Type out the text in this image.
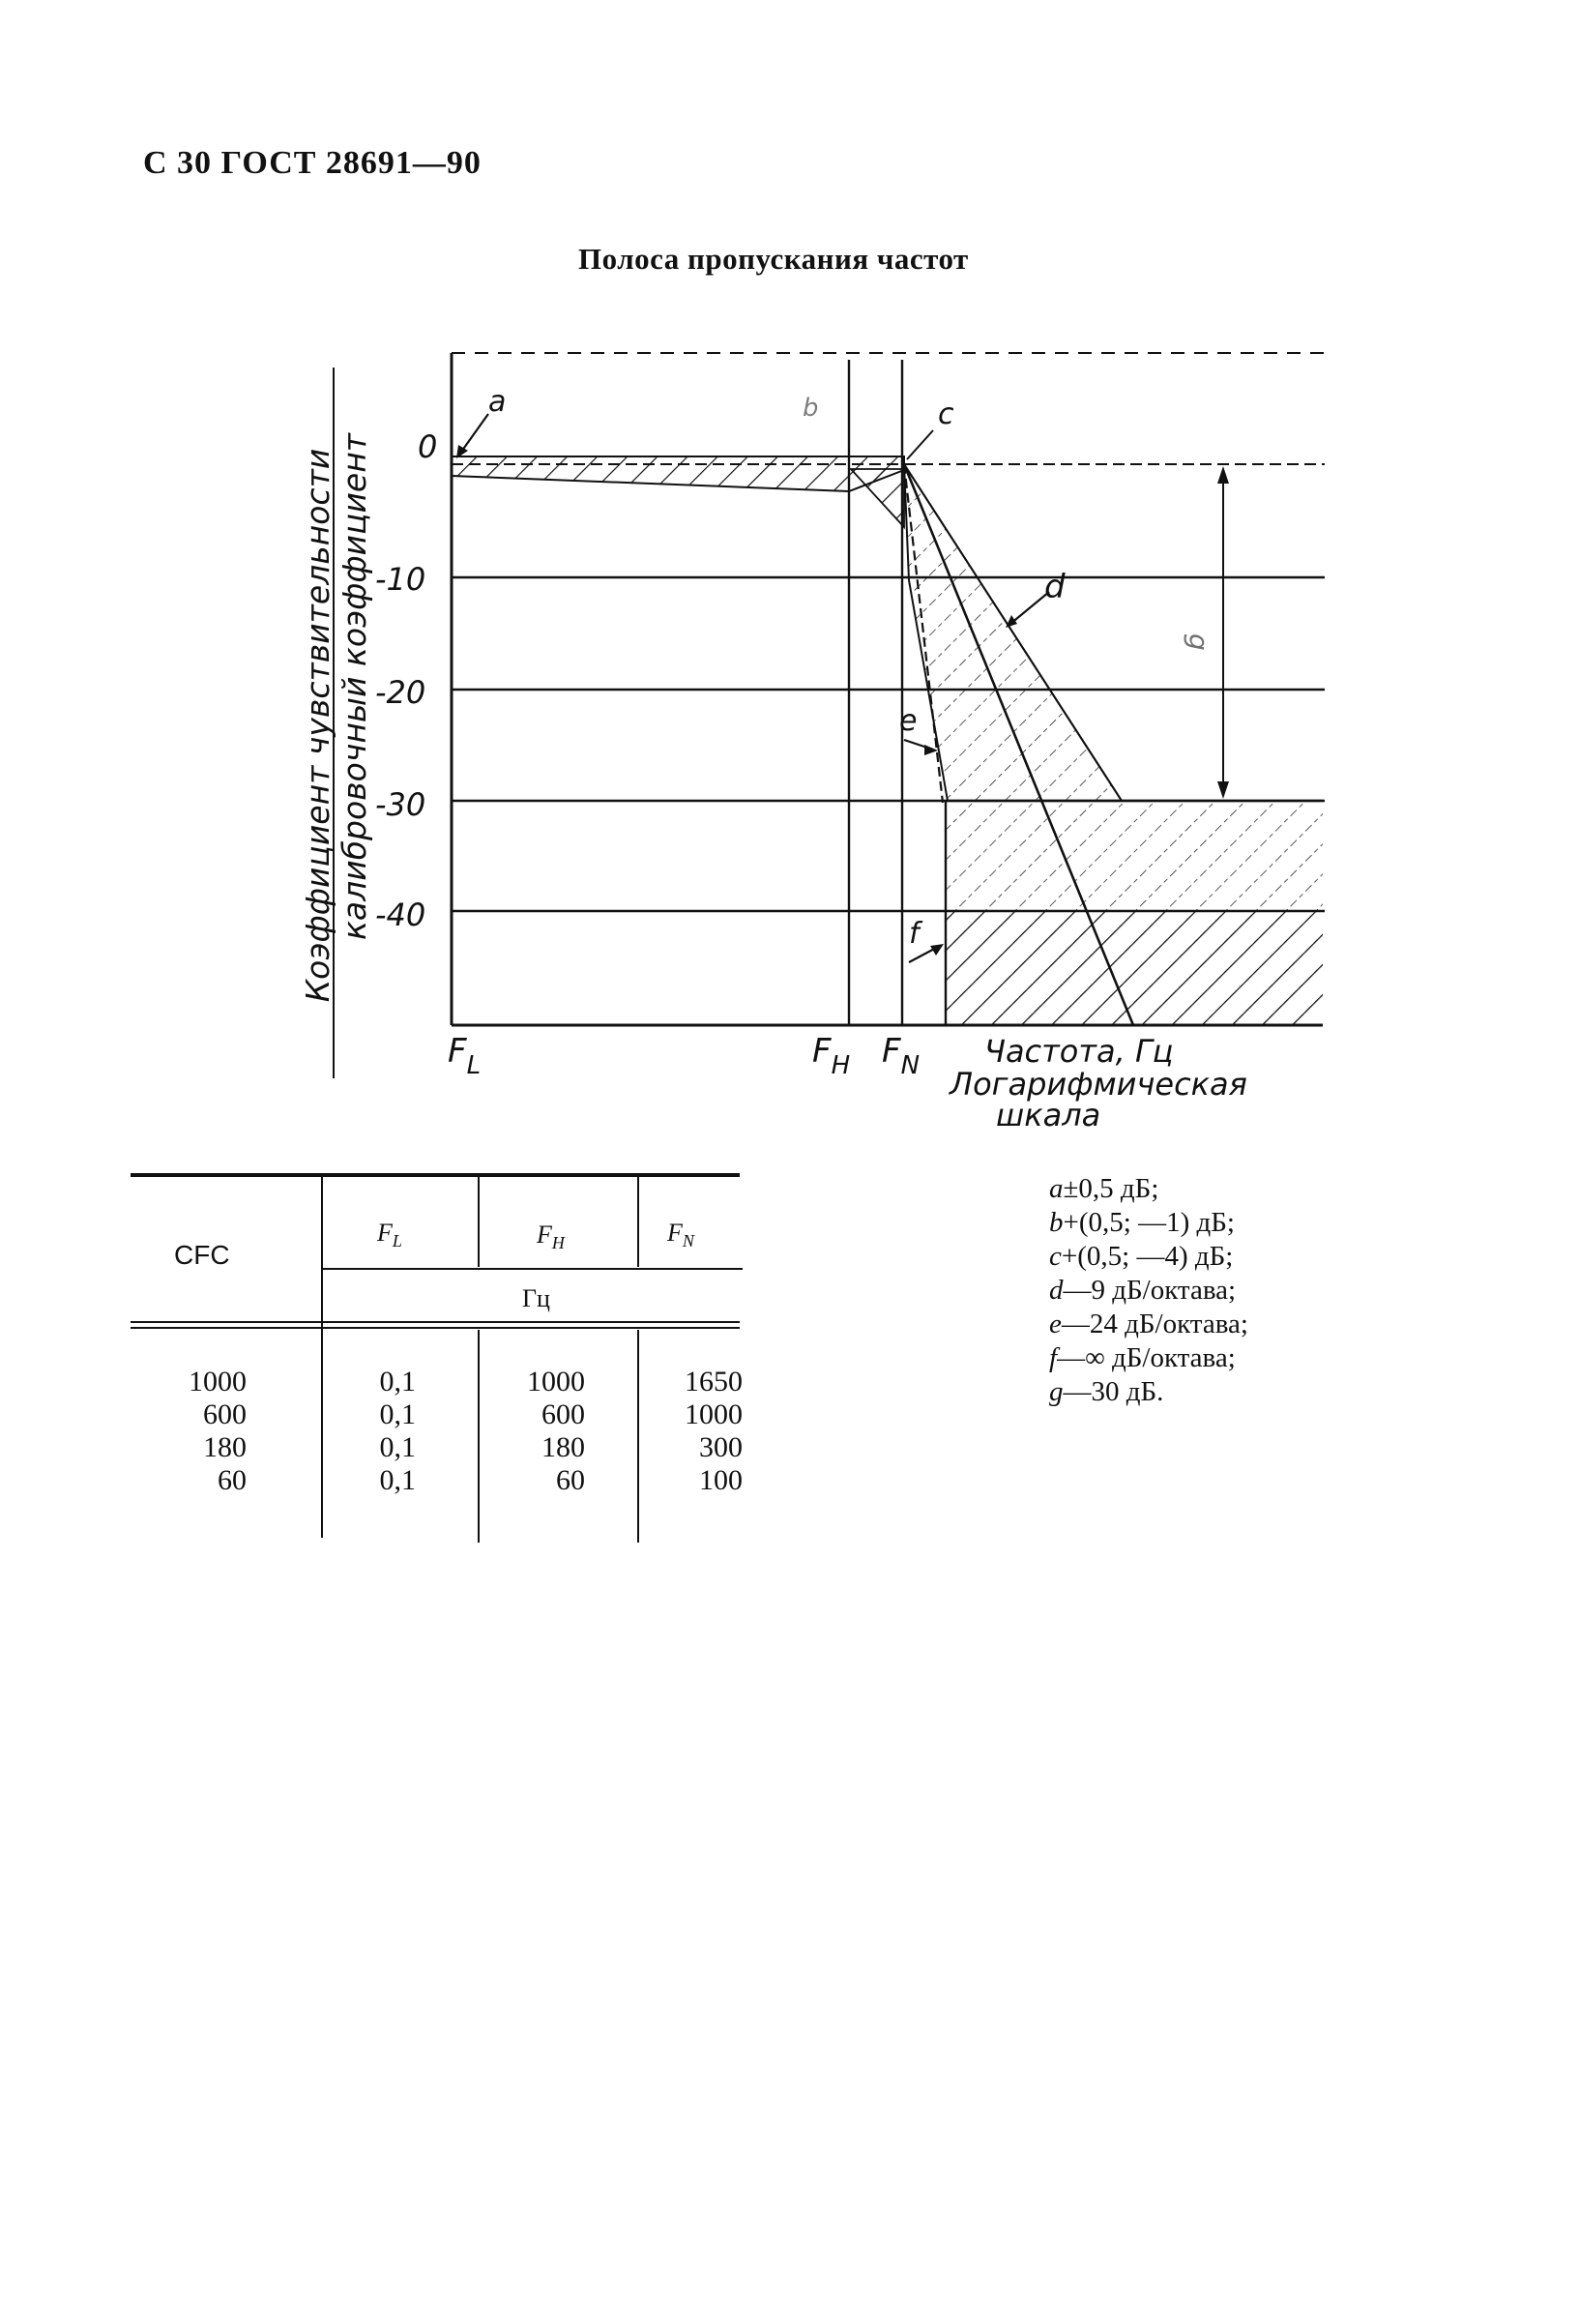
С 30 ГОСТ 28691—90
Полоса пропускания частот
a	b	c
d
e
f
g
0
-10
-20
-30
-40
Коэффициент чувствительности калибровочный коэффициент
$F_L$	$F_H$ $F_N$ Частота, Гц
Логарифмическая
шкала
CFC
$F_L$	$F_H$	$F_N$
Гц
1000	0,1	1000	1650
600	0,1	600	1000
180	0,1	180	300
60	0,1	60	100
a±0,5 дБ;
b+(0,5; —1) дБ;
c+(0,5; —4) дБ;
d—9 дБ/октава;
e—24 дБ/октава;
f—∞ дБ/октава;
g—30 дБ.
